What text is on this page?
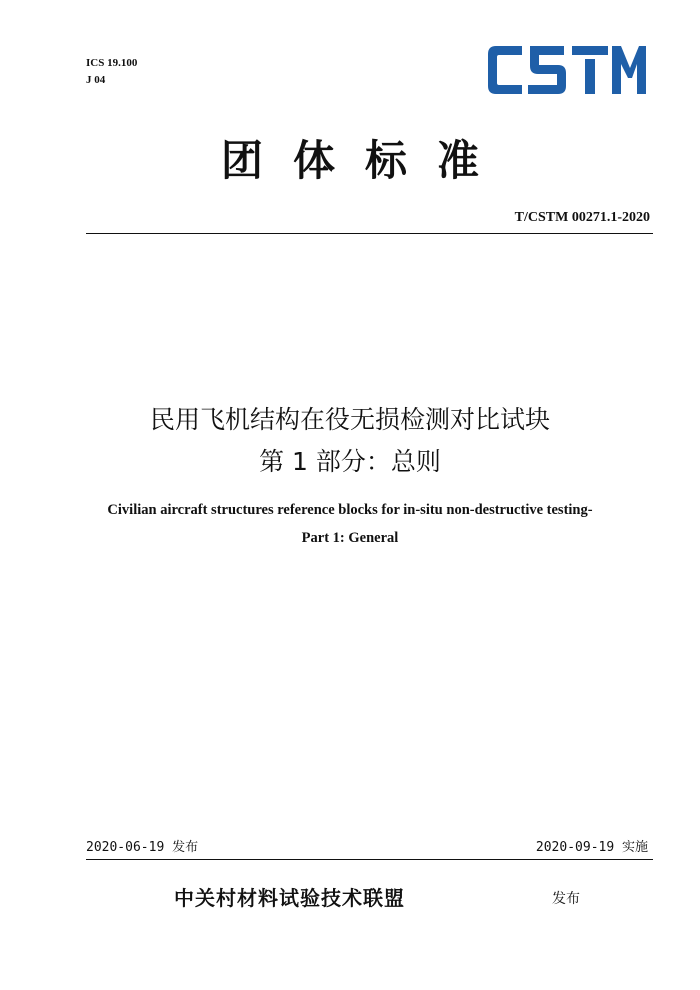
ICS 19.100
J 04
CSTM
团体标准
T/CSTM 00271.1-2020
民用飞机结构在役无损检测对比试块
第 1 部分：总则
Civilian aircraft structures reference blocks for in-situ non-destructive testing-
Part 1: General
2020-06-19 发布	2020-09-19 实施
中关村材料试验技术联盟	发布
